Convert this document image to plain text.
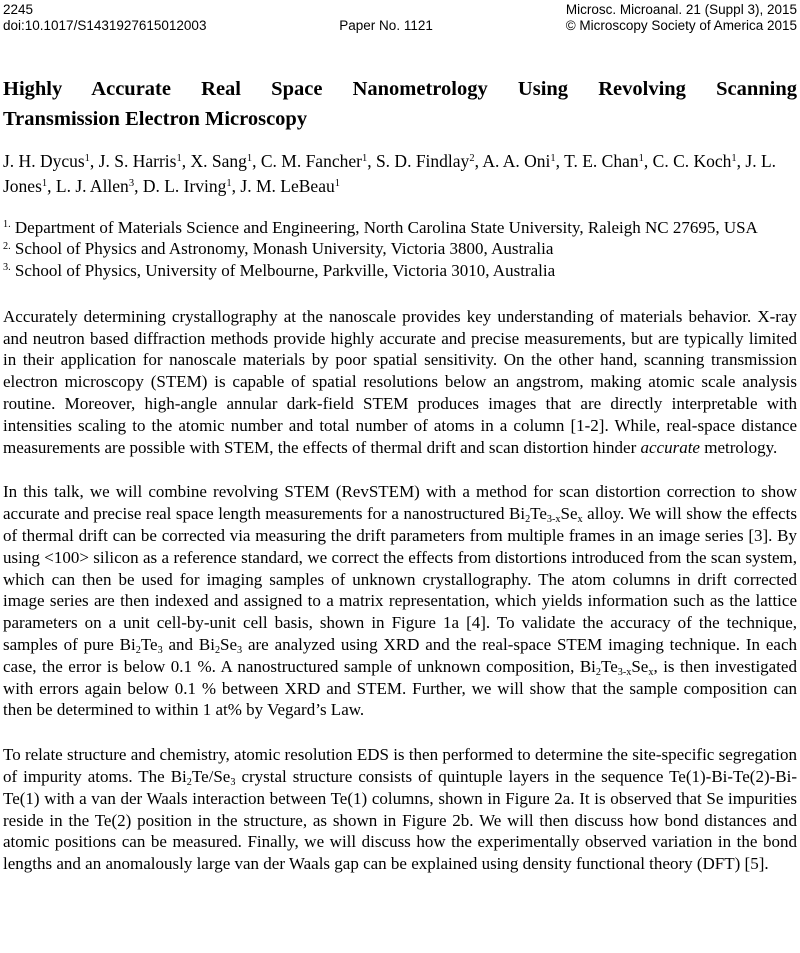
2245
doi:10.1017/S1431927615012003	Paper No. 1121
Microsc. Microanal. 21 (Suppl 3), 2015
© Microscopy Society of America 2015
Highly Accurate Real Space Nanometrology Using Revolving Scanning
Transmission Electron Microscopy

J. H. Dycus$^1$, J. S. Harris$^1$, X. Sang$^1$, C. M. Fancher$^1$, S. D. Findlay$^2$, A. A. Oni$^1$, T. E. Chan$^1$, C. C. Koch$^1$, J. L. Jones$^1$, L. J. Allen$^3$, D. L. Irving$^1$, J. M. LeBeau$^1$

$^{1.}$ Department of Materials Science and Engineering, North Carolina State University, Raleigh NC 27695, USA

$^{2.}$ School of Physics and Astronomy, Monash University, Victoria 3800, Australia

$^{3.}$ School of Physics, University of Melbourne, Parkville, Victoria 3010, Australia

Accurately determining crystallography at the nanoscale provides key understanding of materials behavior. X-ray and neutron based diffraction methods provide highly accurate and precise measurements, but are typically limited in their application for nanoscale materials by poor spatial sensitivity. On the other hand, scanning transmission electron microscopy (STEM) is capable of spatial resolutions below an angstrom, making atomic scale analysis routine. Moreover, high-angle annular dark-field STEM produces images that are directly interpretable with intensities scaling to the atomic number and total number of atoms in a column [1-2]. While, real-space distance measurements are possible with STEM, the effects of thermal drift and scan distortion hinder accurate metrology.

In this talk, we will combine revolving STEM (RevSTEM) with a method for scan distortion correction to show accurate and precise real space length measurements for a nanostructured Bi2Te3-xSex alloy. We will show the effects of thermal drift can be corrected via measuring the drift parameters from multiple frames in an image series [3]. By using <100> silicon as a reference standard, we correct the effects from distortions introduced from the scan system, which can then be used for imaging samples of unknown crystallography. The atom columns in drift corrected image series are then indexed and assigned to a matrix representation, which yields information such as the lattice parameters on a unit cell-by-unit cell basis, shown in Figure 1a [4]. To validate the accuracy of the technique, samples of pure Bi2Te3 and Bi2Se3 are analyzed using XRD and the real-space STEM imaging technique. In each case, the error is below 0.1 %. A nanostructured sample of unknown composition, Bi2Te3-xSex, is then investigated with errors again below 0.1 % between XRD and STEM. Further, we will show that the sample composition can then be determined to within 1 at% by Vegard’s Law.

To relate structure and chemistry, atomic resolution EDS is then performed to determine the site-specific segregation of impurity atoms. The Bi2Te/Se3 crystal structure consists of quintuple layers in the sequence Te(1)-Bi-Te(2)-Bi-Te(1) with a van der Waals interaction between Te(1) columns, shown in Figure 2a. It is observed that Se impurities reside in the Te(2) position in the structure, as shown in Figure 2b. We will then discuss how bond distances and atomic positions can be measured. Finally, we will discuss how the experimentally observed variation in the bond lengths and an anomalously large van der Waals gap can be explained using density functional theory (DFT) [5].
